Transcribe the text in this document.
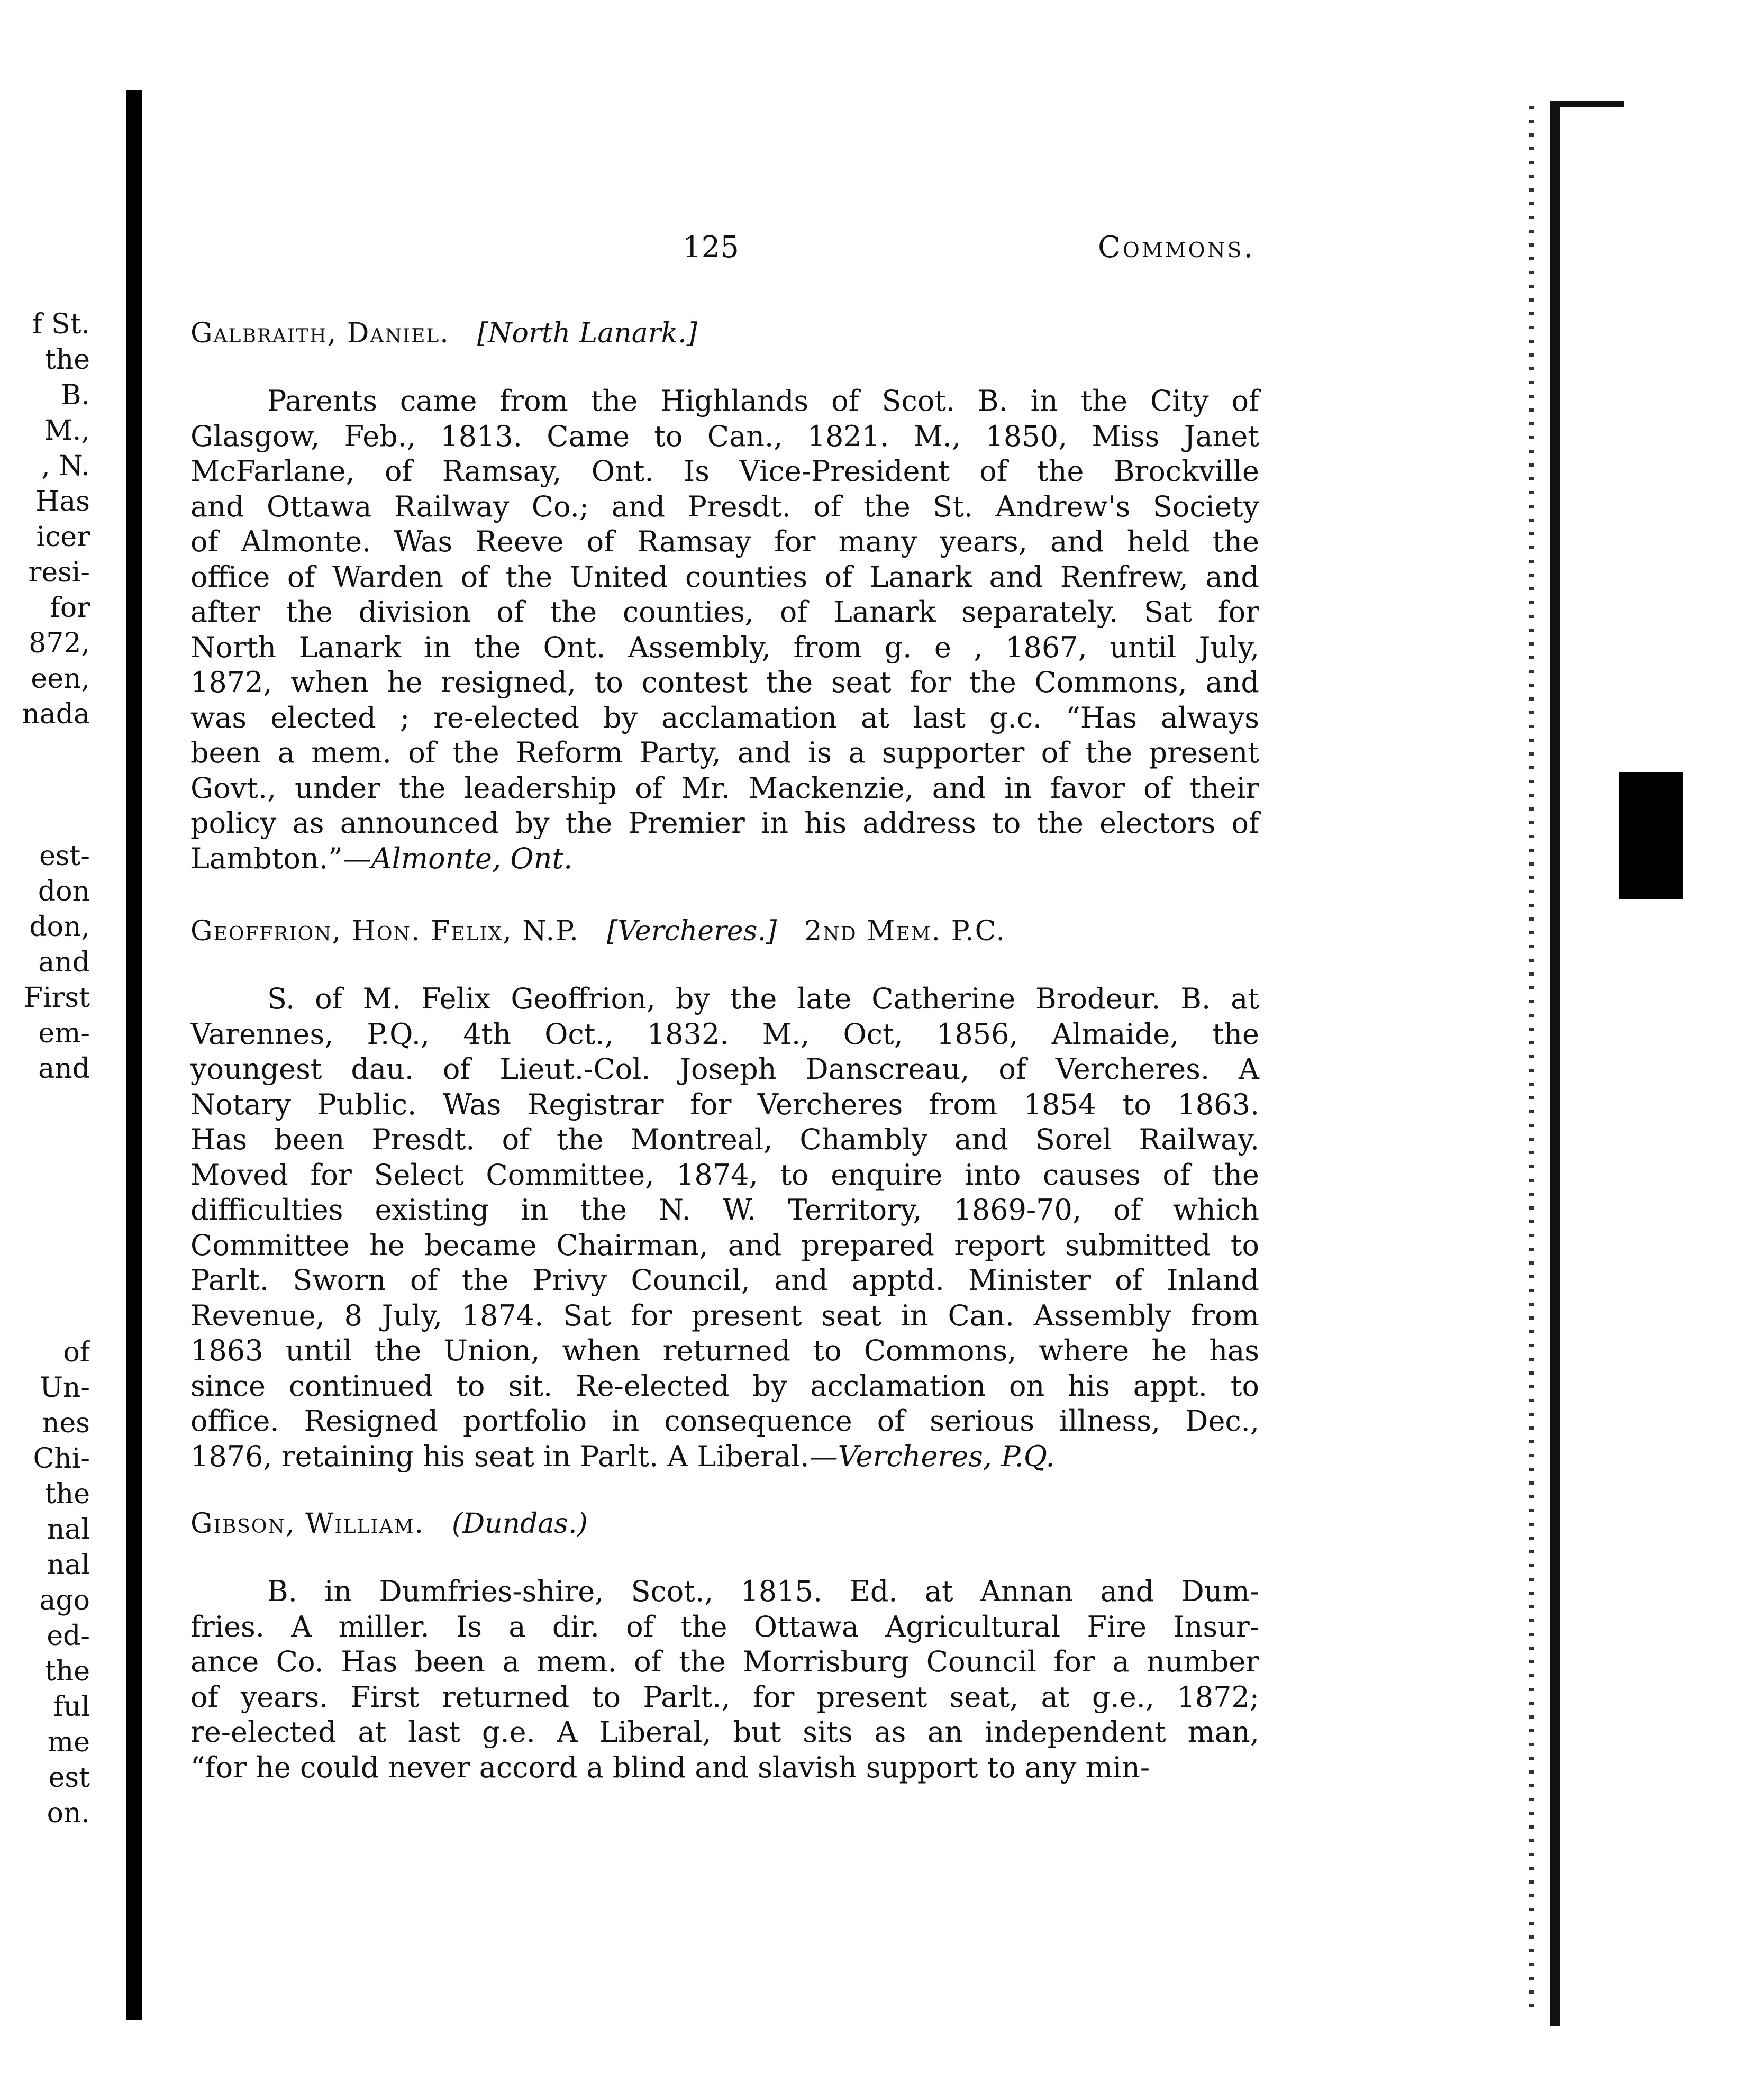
125	Commons.
f St.
the
B.
M.,
, N.
Has
icer
resi-
for
872,
een,
nada
est-
don
don,
and
First
em-
and
of
Un-
nes
Chi-
the
nal
nal
ago
ed-
the
ful
me
est
on.
Galbraith, Daniel.  [North Lanark.]
Parents came from the Highlands of Scot. B. in the City of
Glasgow, Feb., 1813. Came to Can., 1821. M., 1850, Miss Janet
McFarlane, of Ramsay, Ont. Is Vice-President of the Brockville
and Ottawa Railway Co.; and Presdt. of the St. Andrew's Society
of Almonte. Was Reeve of Ramsay for many years, and held the
office of Warden of the United counties of Lanark and Renfrew, and
after the division of the counties, of Lanark separately. Sat for
North Lanark in the Ont. Assembly, from g. e , 1867, until July,
1872, when he resigned, to contest the seat for the Commons, and
was elected ; re-elected by acclamation at last g.c. “Has always
been a mem. of the Reform Party, and is a supporter of the present
Govt., under the leadership of Mr. Mackenzie, and in favor of their
policy as announced by the Premier in his address to the electors of
Lambton.”—Almonte, Ont.
Geoffrion, Hon. Felix, N.P.  [Vercheres.]  2nd Mem. P.C.
S. of M. Felix Geoffrion, by the late Catherine Brodeur. B. at
Varennes, P.Q., 4th Oct., 1832. M., Oct, 1856, Almaide, the
youngest dau. of Lieut.-Col. Joseph Danscreau, of Vercheres. A
Notary Public. Was Registrar for Vercheres from 1854 to 1863.
Has been Presdt. of the Montreal, Chambly and Sorel Railway.
Moved for Select Committee, 1874, to enquire into causes of the
difficulties existing in the N. W. Territory, 1869-70, of which
Committee he became Chairman, and prepared report submitted to
Parlt. Sworn of the Privy Council, and apptd. Minister of Inland
Revenue, 8 July, 1874. Sat for present seat in Can. Assembly from
1863 until the Union, when returned to Commons, where he has
since continued to sit. Re-elected by acclamation on his appt. to
office. Resigned portfolio in consequence of serious illness, Dec.,
1876, retaining his seat in Parlt. A Liberal.—Vercheres, P.Q.
Gibson, William.  (Dundas.)
B. in Dumfries-shire, Scot., 1815. Ed. at Annan and Dum-
fries. A miller. Is a dir. of the Ottawa Agricultural Fire Insur-
ance Co. Has been a mem. of the Morrisburg Council for a number
of years. First returned to Parlt., for present seat, at g.e., 1872;
re-elected at last g.e. A Liberal, but sits as an independent man,
“for he could never accord a blind and slavish support to any min-
